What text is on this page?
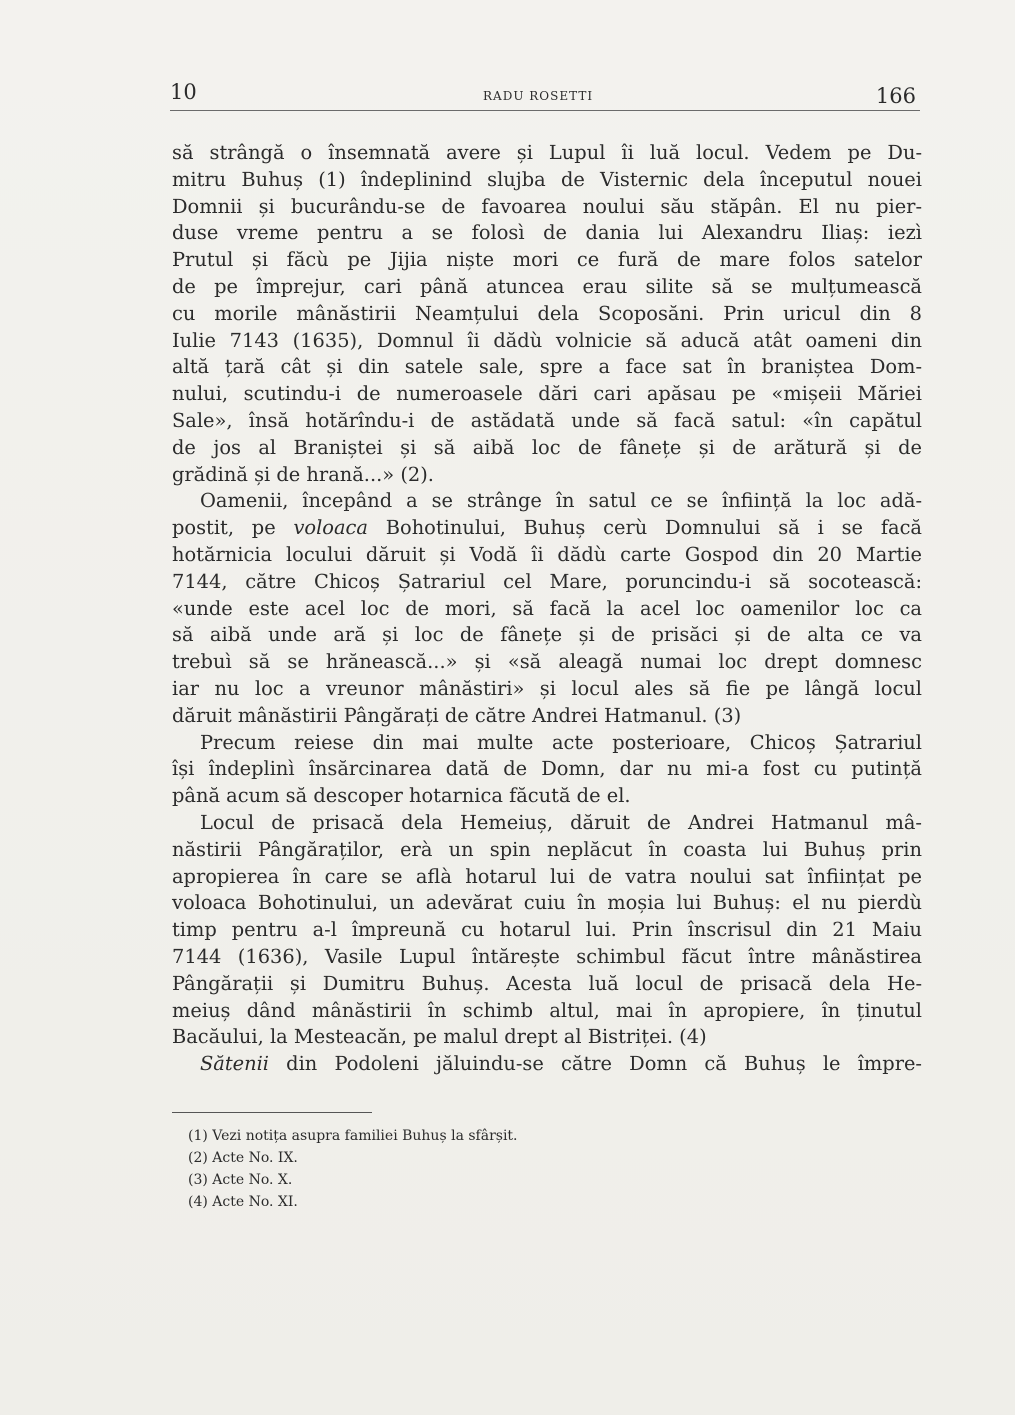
10	RADU ROSETTI	166
să strângă o însemnată avere și Lupul îi luă locul. Vedem pe Du-
mitru Buhuș (1) îndeplinind slujba de Visternic dela începutul nouei
Domnii și bucurându-se de favoarea noului său stăpân. El nu pier-
duse vreme pentru a se folosì de dania lui Alexandru Iliaș: iezì
Prutul și făcù pe Jijia niște mori ce fură de mare folos satelor
de pe împrejur, cari până atuncea erau silite să se mulțumească
cu morile mânăstirii Neamțului dela Scoposăni. Prin uricul din 8
Iulie 7143 (1635), Domnul îi dădù volnicie să aducă atât oameni din
altă țară cât și din satele sale, spre a face sat în braniștea Dom-
nului, scutindu-i de numeroasele dări cari apăsau pe «mișeii Măriei
Sale», însă hotărîndu-i de astădată unde să facă satul: «în capătul
de jos al Braniștei și să aibă loc de fânețe și de arătură și de
grădină și de hrană...» (2).
Oamenii, începând a se strânge în satul ce se înființă la loc adă-
postit, pe voloaca Bohotinului, Buhuș cerù Domnului să i se facă
hotărnicia locului dăruit și Vodă îi dădù carte Gospod din 20 Martie
7144, către Chicoș Șatrariul cel Mare, poruncindu-i să socotească:
«unde este acel loc de mori, să facă la acel loc oamenilor loc ca
să aibă unde ară și loc de fânețe și de prisăci și de alta ce va
trebuì să se hrănească...» și «să aleagă numai loc drept domnesc
iar nu loc a vreunor mânăstiri» și locul ales să fie pe lângă locul
dăruit mânăstirii Pângărați de către Andrei Hatmanul. (3)
Precum reiese din mai multe acte posterioare, Chicoș Șatrariul
își îndeplinì însărcinarea dată de Domn, dar nu mi-a fost cu putință
până acum să descoper hotarnica făcută de el.
Locul de prisacă dela Hemeiuș, dăruit de Andrei Hatmanul mâ-
năstirii Pângăraților, erà un spin neplăcut în coasta lui Buhuș prin
apropierea în care se aflà hotarul lui de vatra noului sat înființat pe
voloaca Bohotinului, un adevărat cuiu în moșia lui Buhuș: el nu pierdù
timp pentru a-l împreună cu hotarul lui. Prin înscrisul din 21 Maiu
7144 (1636), Vasile Lupul întărește schimbul făcut între mânăstirea
Pângărații și Dumitru Buhuș. Acesta luă locul de prisacă dela He-
meiuș dând mânăstirii în schimb altul, mai în apropiere, în ținutul
Bacăului, la Mesteacăn, pe malul drept al Bistriței. (4)
Sătenii din Podoleni jăluindu-se către Domn că Buhuș le împre-
(1) Vezi notița asupra familiei Buhuș la sfârșit.
(2) Acte No. IX.
(3) Acte No. X.
(4) Acte No. XI.
